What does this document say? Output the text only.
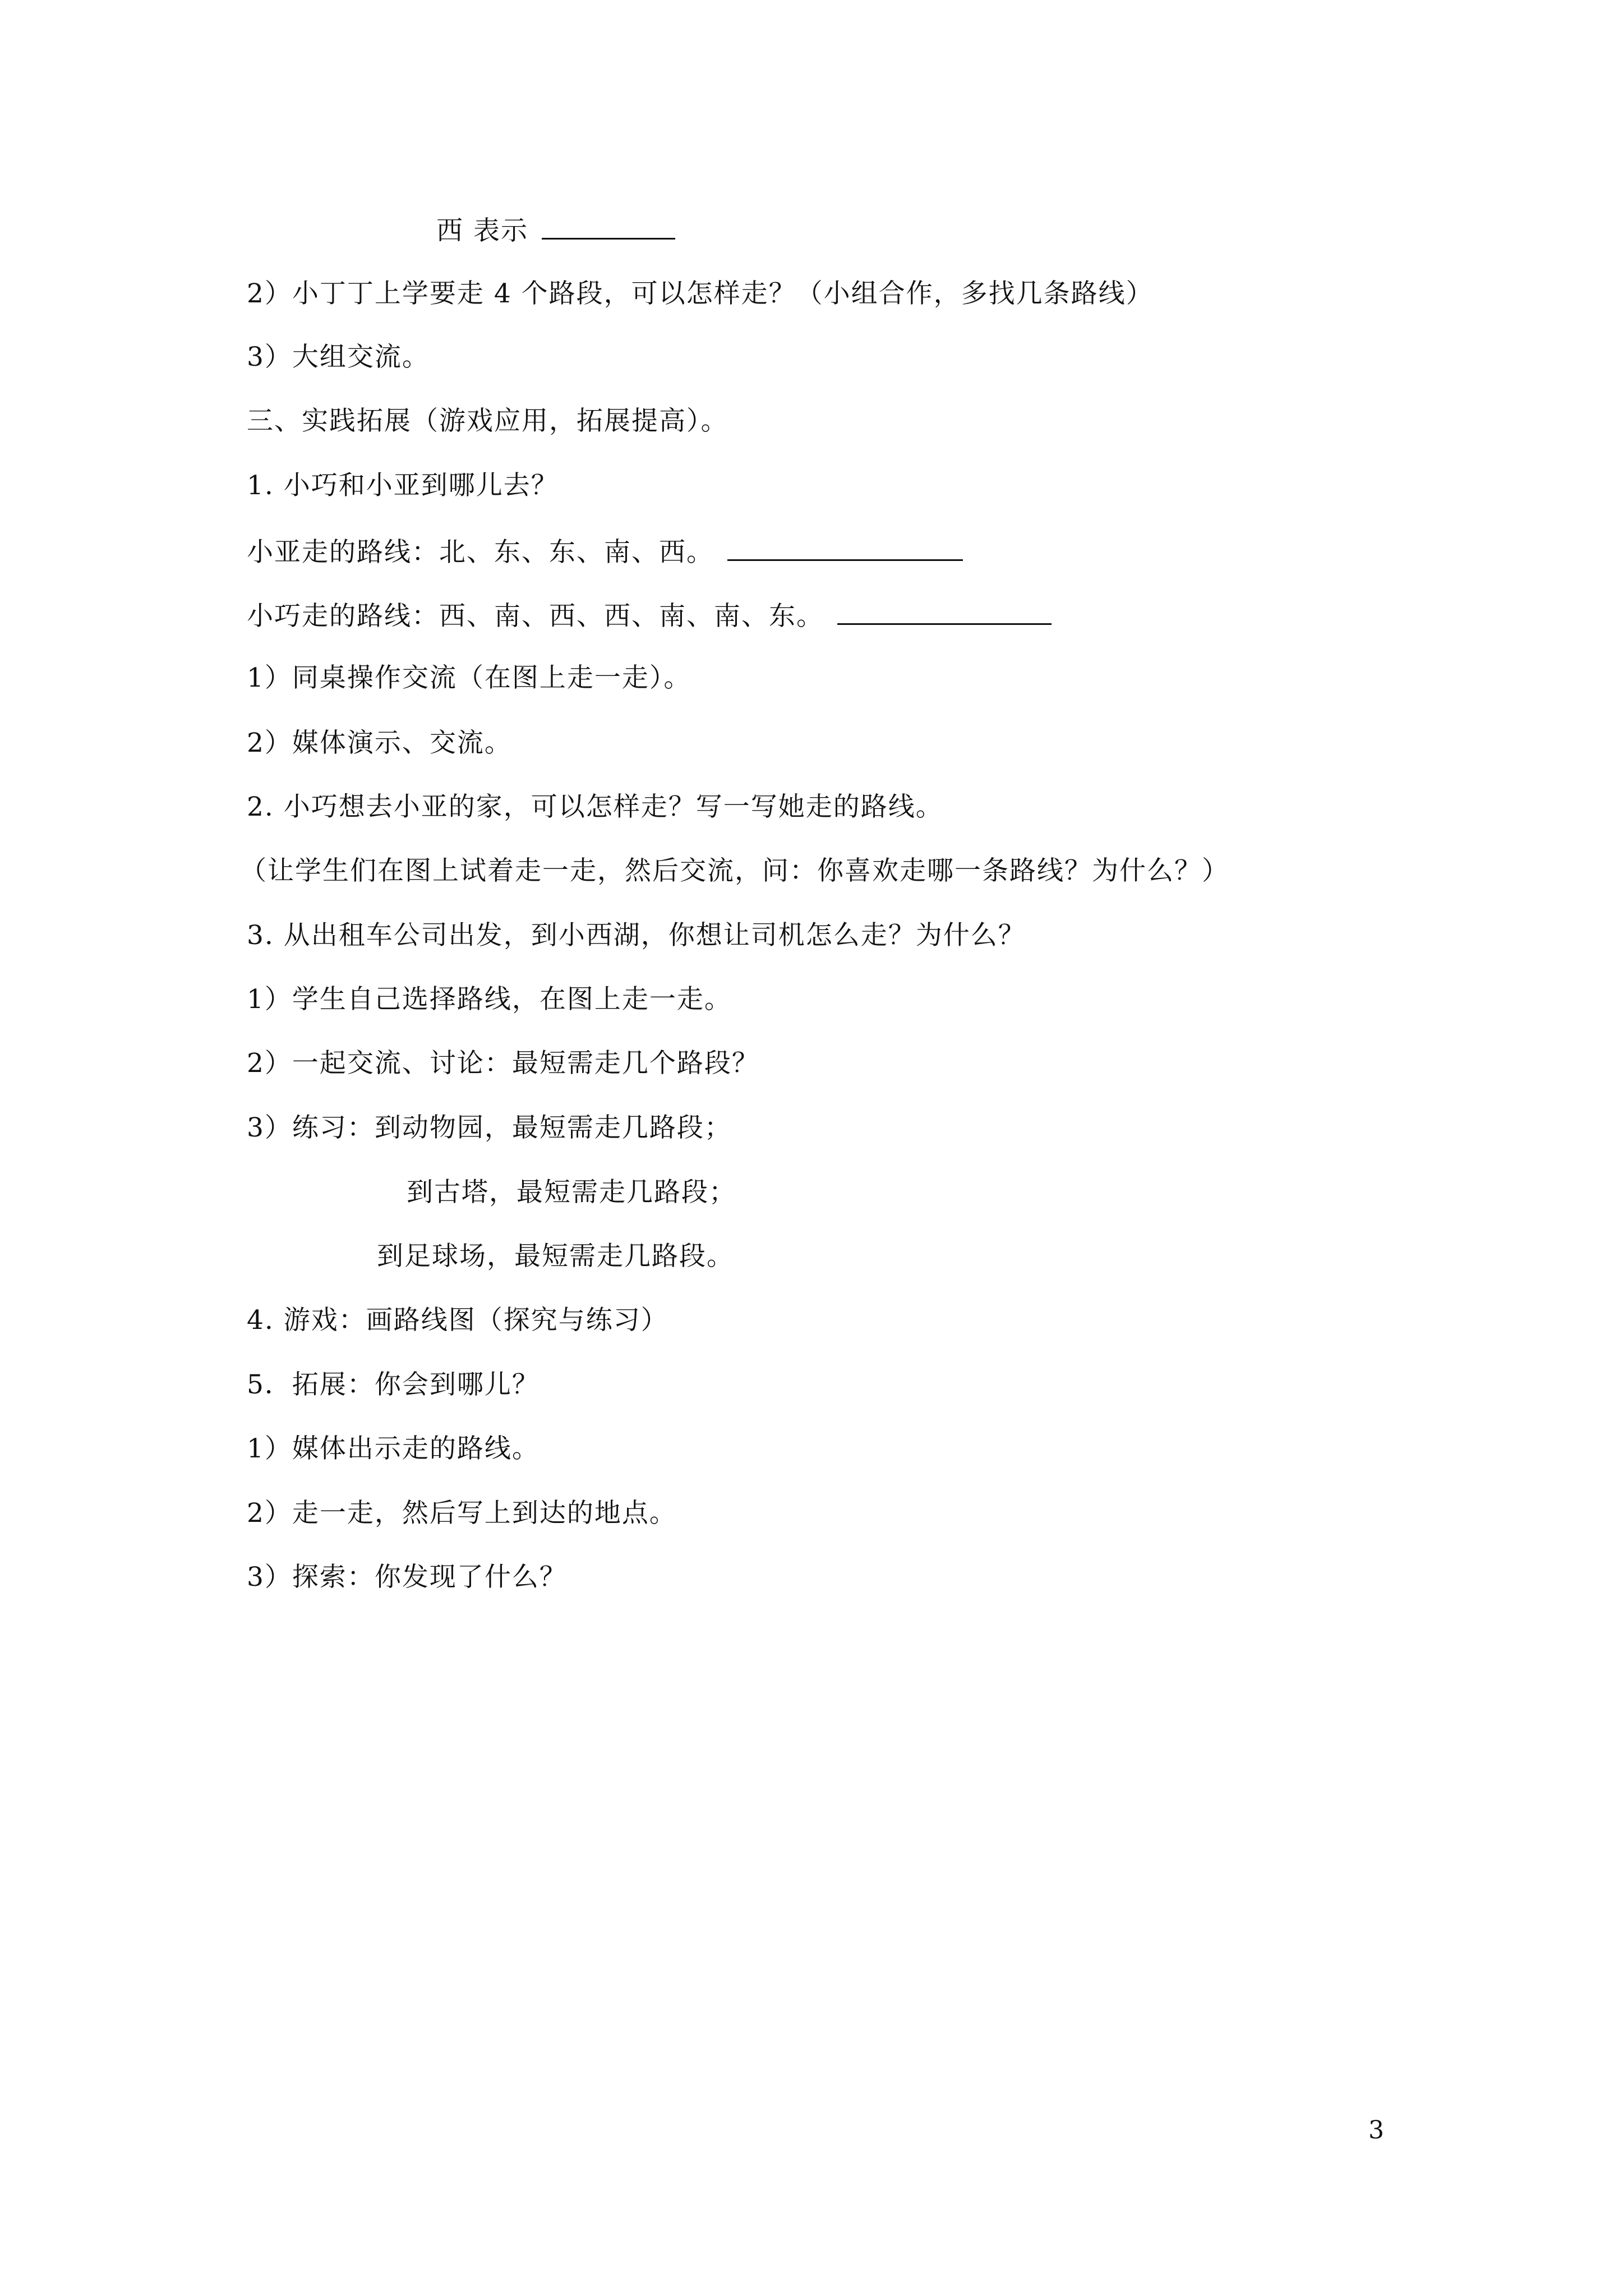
西 表示
2）小丁丁上学要走 4 个路段，可以怎样走？（小组合作，多找几条路线）
3）大组交流。
三、实践拓展（游戏应用，拓展提高）。
1. 小巧和小亚到哪儿去？
小亚走的路线：北、东、东、南、西。
小巧走的路线：西、南、西、西、南、南、东。
1）同桌操作交流（在图上走一走）。
2）媒体演示、交流。
2. 小巧想去小亚的家，可以怎样走？写一写她走的路线。
（让学生们在图上试着走一走，然后交流，问：你喜欢走哪一条路线？为什么？）
3. 从出租车公司出发，到小西湖，你想让司机怎么走？为什么？
1）学生自己选择路线，在图上走一走。
2）一起交流、讨论：最短需走几个路段？
3）练习：到动物园，最短需走几路段；
到古塔，最短需走几路段；
到足球场，最短需走几路段。
4. 游戏：画路线图（探究与练习）
5．拓展：你会到哪儿？
1）媒体出示走的路线。
2）走一走，然后写上到达的地点。
3）探索：你发现了什么？
3
